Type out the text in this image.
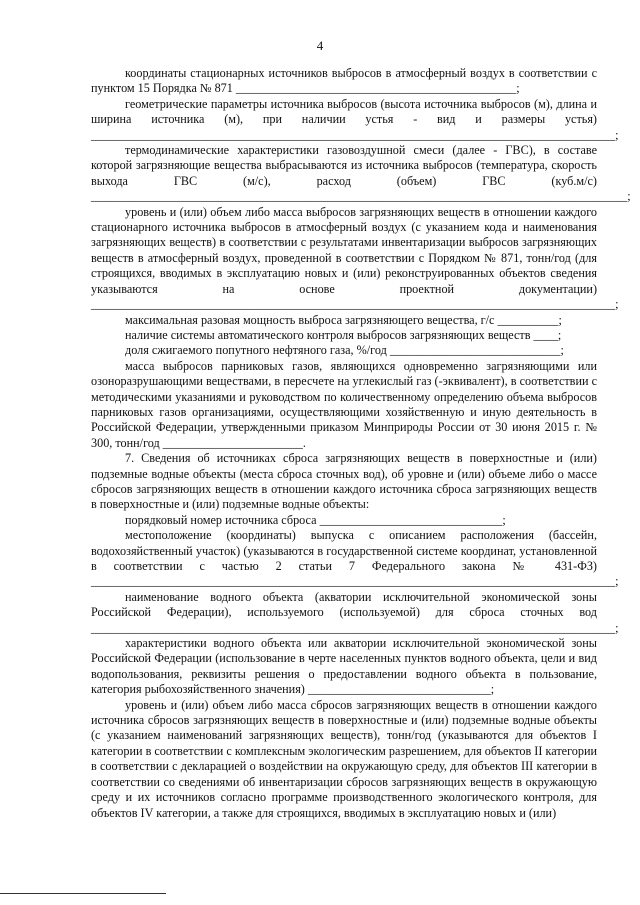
4

координаты стационарных источников выбросов в атмосферный воздух в соответствии с пунктом 15 Порядка № 871 ______________________________________________;

геометрические параметры источника выбросов (высота источника выбросов (м), длина и ширина источника (м), при наличии устья - вид и размеры устья) ______________________________________________________________________________________;

термодинамические характеристики газовоздушной смеси (далее - ГВС), в составе которой загрязняющие вещества выбрасываются из источника выбросов (температура, скорость выхода ГВС (м/с), расход (объем) ГВС (куб.м/с) ________________________________________________________________________________________;

уровень и (или) объем либо масса выбросов загрязняющих веществ в отношении каждого стационарного источника выбросов в атмосферный воздух (с указанием кода и наименования загрязняющих веществ) в соответствии с результатами инвентаризации выбросов загрязняющих веществ в атмосферный воздух, проведенной в соответствии с Порядком № 871, тонн/год (для строящихся, вводимых в эксплуатацию новых и (или) реконструированных объектов сведения указываются на основе проектной документации) ______________________________________________________________________________________;

максимальная разовая мощность выброса загрязняющего вещества, г/с __________;

наличие системы автоматического контроля выбросов загрязняющих веществ ____;

доля сжигаемого попутного нефтяного газа, %/год ____________________________;

масса выбросов парниковых газов, являющихся одновременно загрязняющими или озоноразрушающими веществами, в пересчете на углекислый газ (-эквивалент), в соответствии с методическими указаниями и руководством по количественному определению объема выбросов парниковых газов организациями, осуществляющими хозяйственную и иную деятельность в Российской Федерации, утвержденными приказом Минприроды России от 30 июня 2015 г. № 300, тонн/год _______________________.

7. Сведения об источниках сброса загрязняющих веществ в поверхностные и (или) подземные водные объекты (места сброса сточных вод), об уровне и (или) объеме либо о массе сбросов загрязняющих веществ в отношении каждого источника сброса загрязняющих веществ в поверхностные и (или) подземные водные объекты:

порядковый номер источника сброса ______________________________;

местоположение (координаты) выпуска с описанием расположения (бассейн, водохозяйственный участок) (указываются в государственной системе координат, установленной в соответствии с частью 2 статьи 7 Федерального закона № 431-ФЗ) ______________________________________________________________________________________;

наименование водного объекта (акватории исключительной экономической зоны Российской Федерации), используемого (используемой) для сброса сточных вод ______________________________________________________________________________________;

характеристики водного объекта или акватории исключительной экономической зоны Российской Федерации (использование в черте населенных пунктов водного объекта, цели и вид водопользования, реквизиты решения о предоставлении водного объекта в пользование, категория рыбохозяйственного значения) ______________________________;

уровень и (или) объем либо масса сбросов загрязняющих веществ в отношении каждого источника сбросов загрязняющих веществ в поверхностные и (или) подземные водные объекты (с указанием наименований загрязняющих веществ), тонн/год (указываются для объектов I категории в соответствии с комплексным экологическим разрешением, для объектов II категории в соответствии с декларацией о воздействии на окружающую среду, для объектов III категории в соответствии со сведениями об инвентаризации сбросов загрязняющих веществ в окружающую среду и их источников согласно программе производственного экологического контроля, для объектов IV категории, а также для строящихся, вводимых в эксплуатацию новых и (или)
